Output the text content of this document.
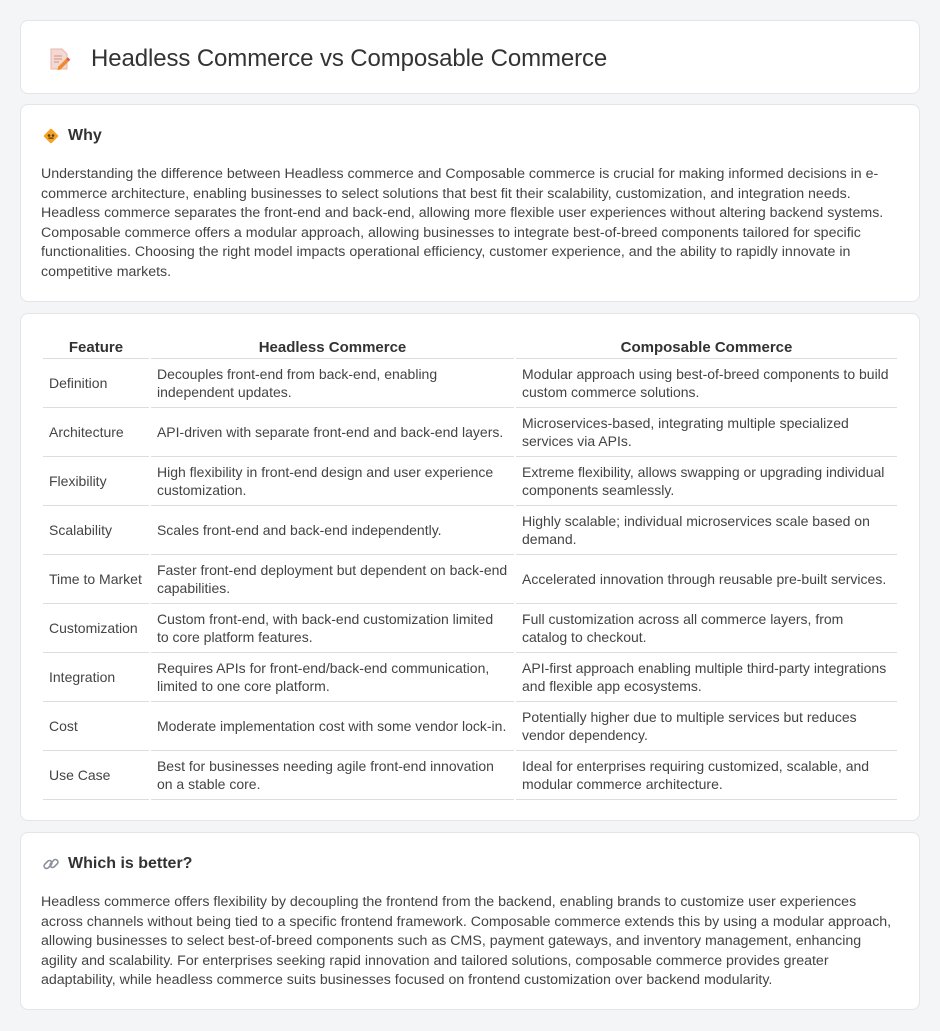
Headless Commerce vs Composable Commerce
Why

Understanding the difference between Headless commerce and Composable commerce is crucial for making informed decisions in e-commerce architecture, enabling businesses to select solutions that best fit their scalability, customization, and integration needs. Headless commerce separates the front-end and back-end, allowing more flexible user experiences without altering backend systems. Composable commerce offers a modular approach, allowing businesses to integrate best-of-breed components tailored for specific functionalities. Choosing the right model impacts operational efficiency, customer experience, and the ability to rapidly innovate in competitive markets.

Feature	Headless Commerce	Composable Commerce
Definition	Decouples front-end from back-end, enabling independent updates.	Modular approach using best-of-breed components to build custom commerce solutions.
Architecture	API-driven with separate front-end and back-end layers.	Microservices-based, integrating multiple specialized services via APIs.
Flexibility	High flexibility in front-end design and user experience customization.	Extreme flexibility, allows swapping or upgrading individual components seamlessly.
Scalability	Scales front-end and back-end independently.	Highly scalable; individual microservices scale based on demand.
Time to Market	Faster front-end deployment but dependent on back-end capabilities.	Accelerated innovation through reusable pre-built services.
Customization	Custom front-end, with back-end customization limited to core platform features.	Full customization across all commerce layers, from catalog to checkout.
Integration	Requires APIs for front-end/back-end communication, limited to one core platform.	API-first approach enabling multiple third-party integrations and flexible app ecosystems.
Cost	Moderate implementation cost with some vendor lock-in.	Potentially higher due to multiple services but reduces vendor dependency.
Use Case	Best for businesses needing agile front-end innovation on a stable core.	Ideal for enterprises requiring customized, scalable, and modular commerce architecture.
Which is better?

Headless commerce offers flexibility by decoupling the frontend from the backend, enabling brands to customize user experiences across channels without being tied to a specific frontend framework. Composable commerce extends this by using a modular approach, allowing businesses to select best-of-breed components such as CMS, payment gateways, and inventory management, enhancing agility and scalability. For enterprises seeking rapid innovation and tailored solutions, composable commerce provides greater adaptability, while headless commerce suits businesses focused on frontend customization over backend modularity.
